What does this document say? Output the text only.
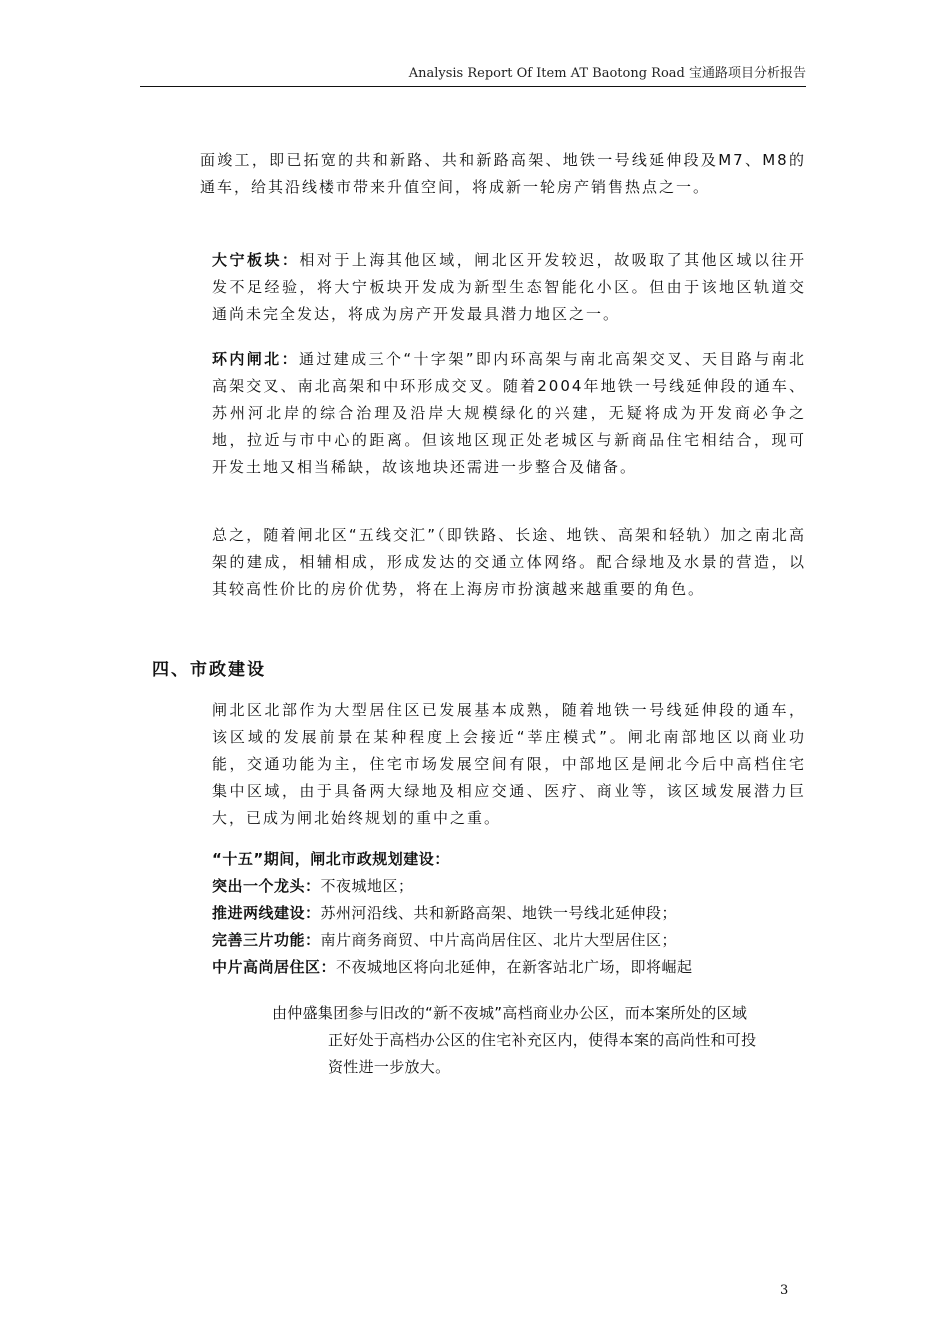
Analysis Report Of Item AT Baotong Road 宝通路项目分析报告
面竣工，即已拓宽的共和新路、共和新路高架、地铁一号线延伸段及M7、M8的通车，给其沿线楼市带来升值空间，将成新一轮房产销售热点之一。
大宁板块：相对于上海其他区域，闸北区开发较迟，故吸取了其他区域以往开发不足经验，将大宁板块开发成为新型生态智能化小区。但由于该地区轨道交通尚未完全发达，将成为房产开发最具潜力地区之一。
环内闸北：通过建成三个“十字架”即内环高架与南北高架交叉、天目路与南北高架交叉、南北高架和中环形成交叉。随着2004年地铁一号线延伸段的通车、苏州河北岸的综合治理及沿岸大规模绿化的兴建，无疑将成为开发商必争之地，拉近与市中心的距离。但该地区现正处老城区与新商品住宅相结合，现可开发土地又相当稀缺，故该地块还需进一步整合及储备。
总之，随着闸北区“五线交汇”（即铁路、长途、地铁、高架和轻轨）加之南北高架的建成，相辅相成，形成发达的交通立体网络。配合绿地及水景的营造，以其较高性价比的房价优势，将在上海房市扮演越来越重要的角色。
四、市政建设
闸北区北部作为大型居住区已发展基本成熟，随着地铁一号线延伸段的通车，该区域的发展前景在某种程度上会接近“莘庄模式”。闸北南部地区以商业功能，交通功能为主，住宅市场发展空间有限，中部地区是闸北今后中高档住宅集中区域，由于具备两大绿地及相应交通、医疗、商业等，该区域发展潜力巨大，已成为闸北始终规划的重中之重。
“十五”期间，闸北市政规划建设：
突出一个龙头：不夜城地区；
推进两线建设：苏州河沿线、共和新路高架、地铁一号线北延伸段；
完善三片功能：南片商务商贸、中片高尚居住区、北片大型居住区；
中片高尚居住区：不夜城地区将向北延伸，在新客站北广场，即将崛起
由仲盛集团参与旧改的“新不夜城”高档商业办公区，而本案所处的区域
正好处于高档办公区的住宅补充区内，使得本案的高尚性和可投
资性进一步放大。
3
